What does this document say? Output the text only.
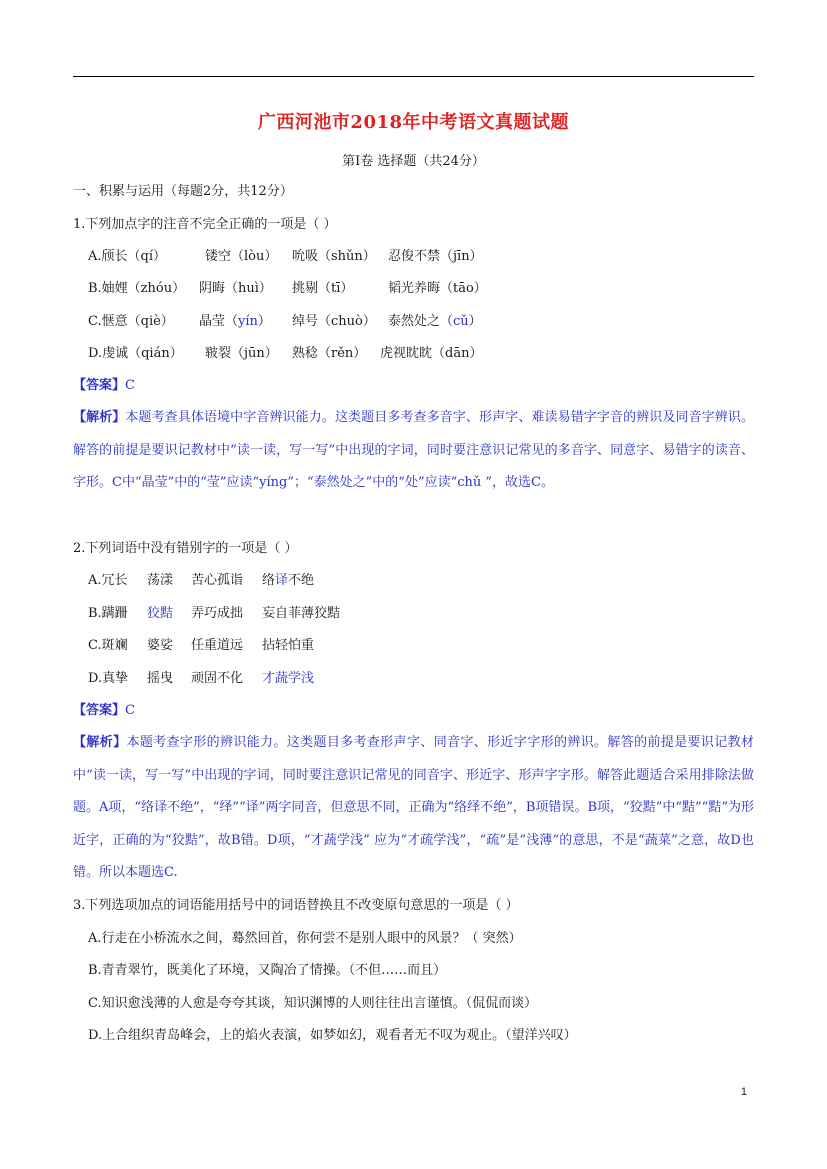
广西河池市2018年中考语文真题试题
第Ⅰ卷 选择题（共24分）
一、积累与运用（每题2分，共12分）
1.下列加点字的注音不完全正确的一项是（ ）
A.颀长（qí）	镂空（lòu） 吮吸（shǔn） 忍俊不禁（jīn）
B.妯娌（zhóu） 阴晦（huì） 挑剔（tī）	韬光养晦（tāo）
C.惬意（qiè） 晶莹（yín） 绰号（chuò） 泰然处之（cǔ）
D.虔诚（qián） 皲裂（jūn） 熟稔（rěn） 虎视眈眈（dān）
【答案】C
【解析】本题考查具体语境中字音辨识能力。这类题目多考查多音字、形声字、难读易错字字音的辨识及同音字辨识。解答的前提是要识记教材中“读一读，写一写”中出现的字词，同时要注意识记常见的多音字、同意字、易错字的读音、字形。C中“晶莹”中的“莹”应读“yíng”；“泰然处之”中的“处”应读“chǔ ”，故选C。
2.下列词语中没有错别字的一项是（ ）
A.冗长 荡漾 苦心孤诣 络译不绝
B.蹒跚 狡黠 弄巧成拙 妄自菲薄狡黠
C.斑斓 婆娑 任重道远 拈轻怕重
D.真挚 摇曳 顽固不化 才蔬学浅
【答案】C
【解析】本题考查字形的辨识能力。这类题目多考查形声字、同音字、形近字字形的辨识。解答的前提是要识记教材中“读一读，写一写”中出现的字词，同时要注意识记常见的同音字、形近字、形声字字形。解答此题适合采用排除法做题。A项，“络译不绝”，“绎”“译”两字同音，但意思不同，正确为“络绎不绝”，B项错误。B项，“狡黠”中“黠”“黠”为形近字，正确的为“狡黠”，故B错。D项，“才蔬学浅” 应为“才疏学浅”，“疏”是“浅薄”的意思，不是“蔬菜”之意，故D也错。所以本题选C.
3.下列选项加点的词语能用括号中的词语替换且不改变原句意思的一项是（ ）
A.行走在小桥流水之间，蓦然回首，你何尝不是别人眼中的风景？（ 突然）
B.青青翠竹，既美化了环境，又陶冶了情操。（不但……而且）
C.知识愈浅薄的人愈是夸夸其谈，知识渊博的人则往往出言谨慎。（侃侃而谈）
D.上合组织青岛峰会，上的焰火表演，如梦如幻，观看者无不叹为观止。（望洋兴叹）
1
